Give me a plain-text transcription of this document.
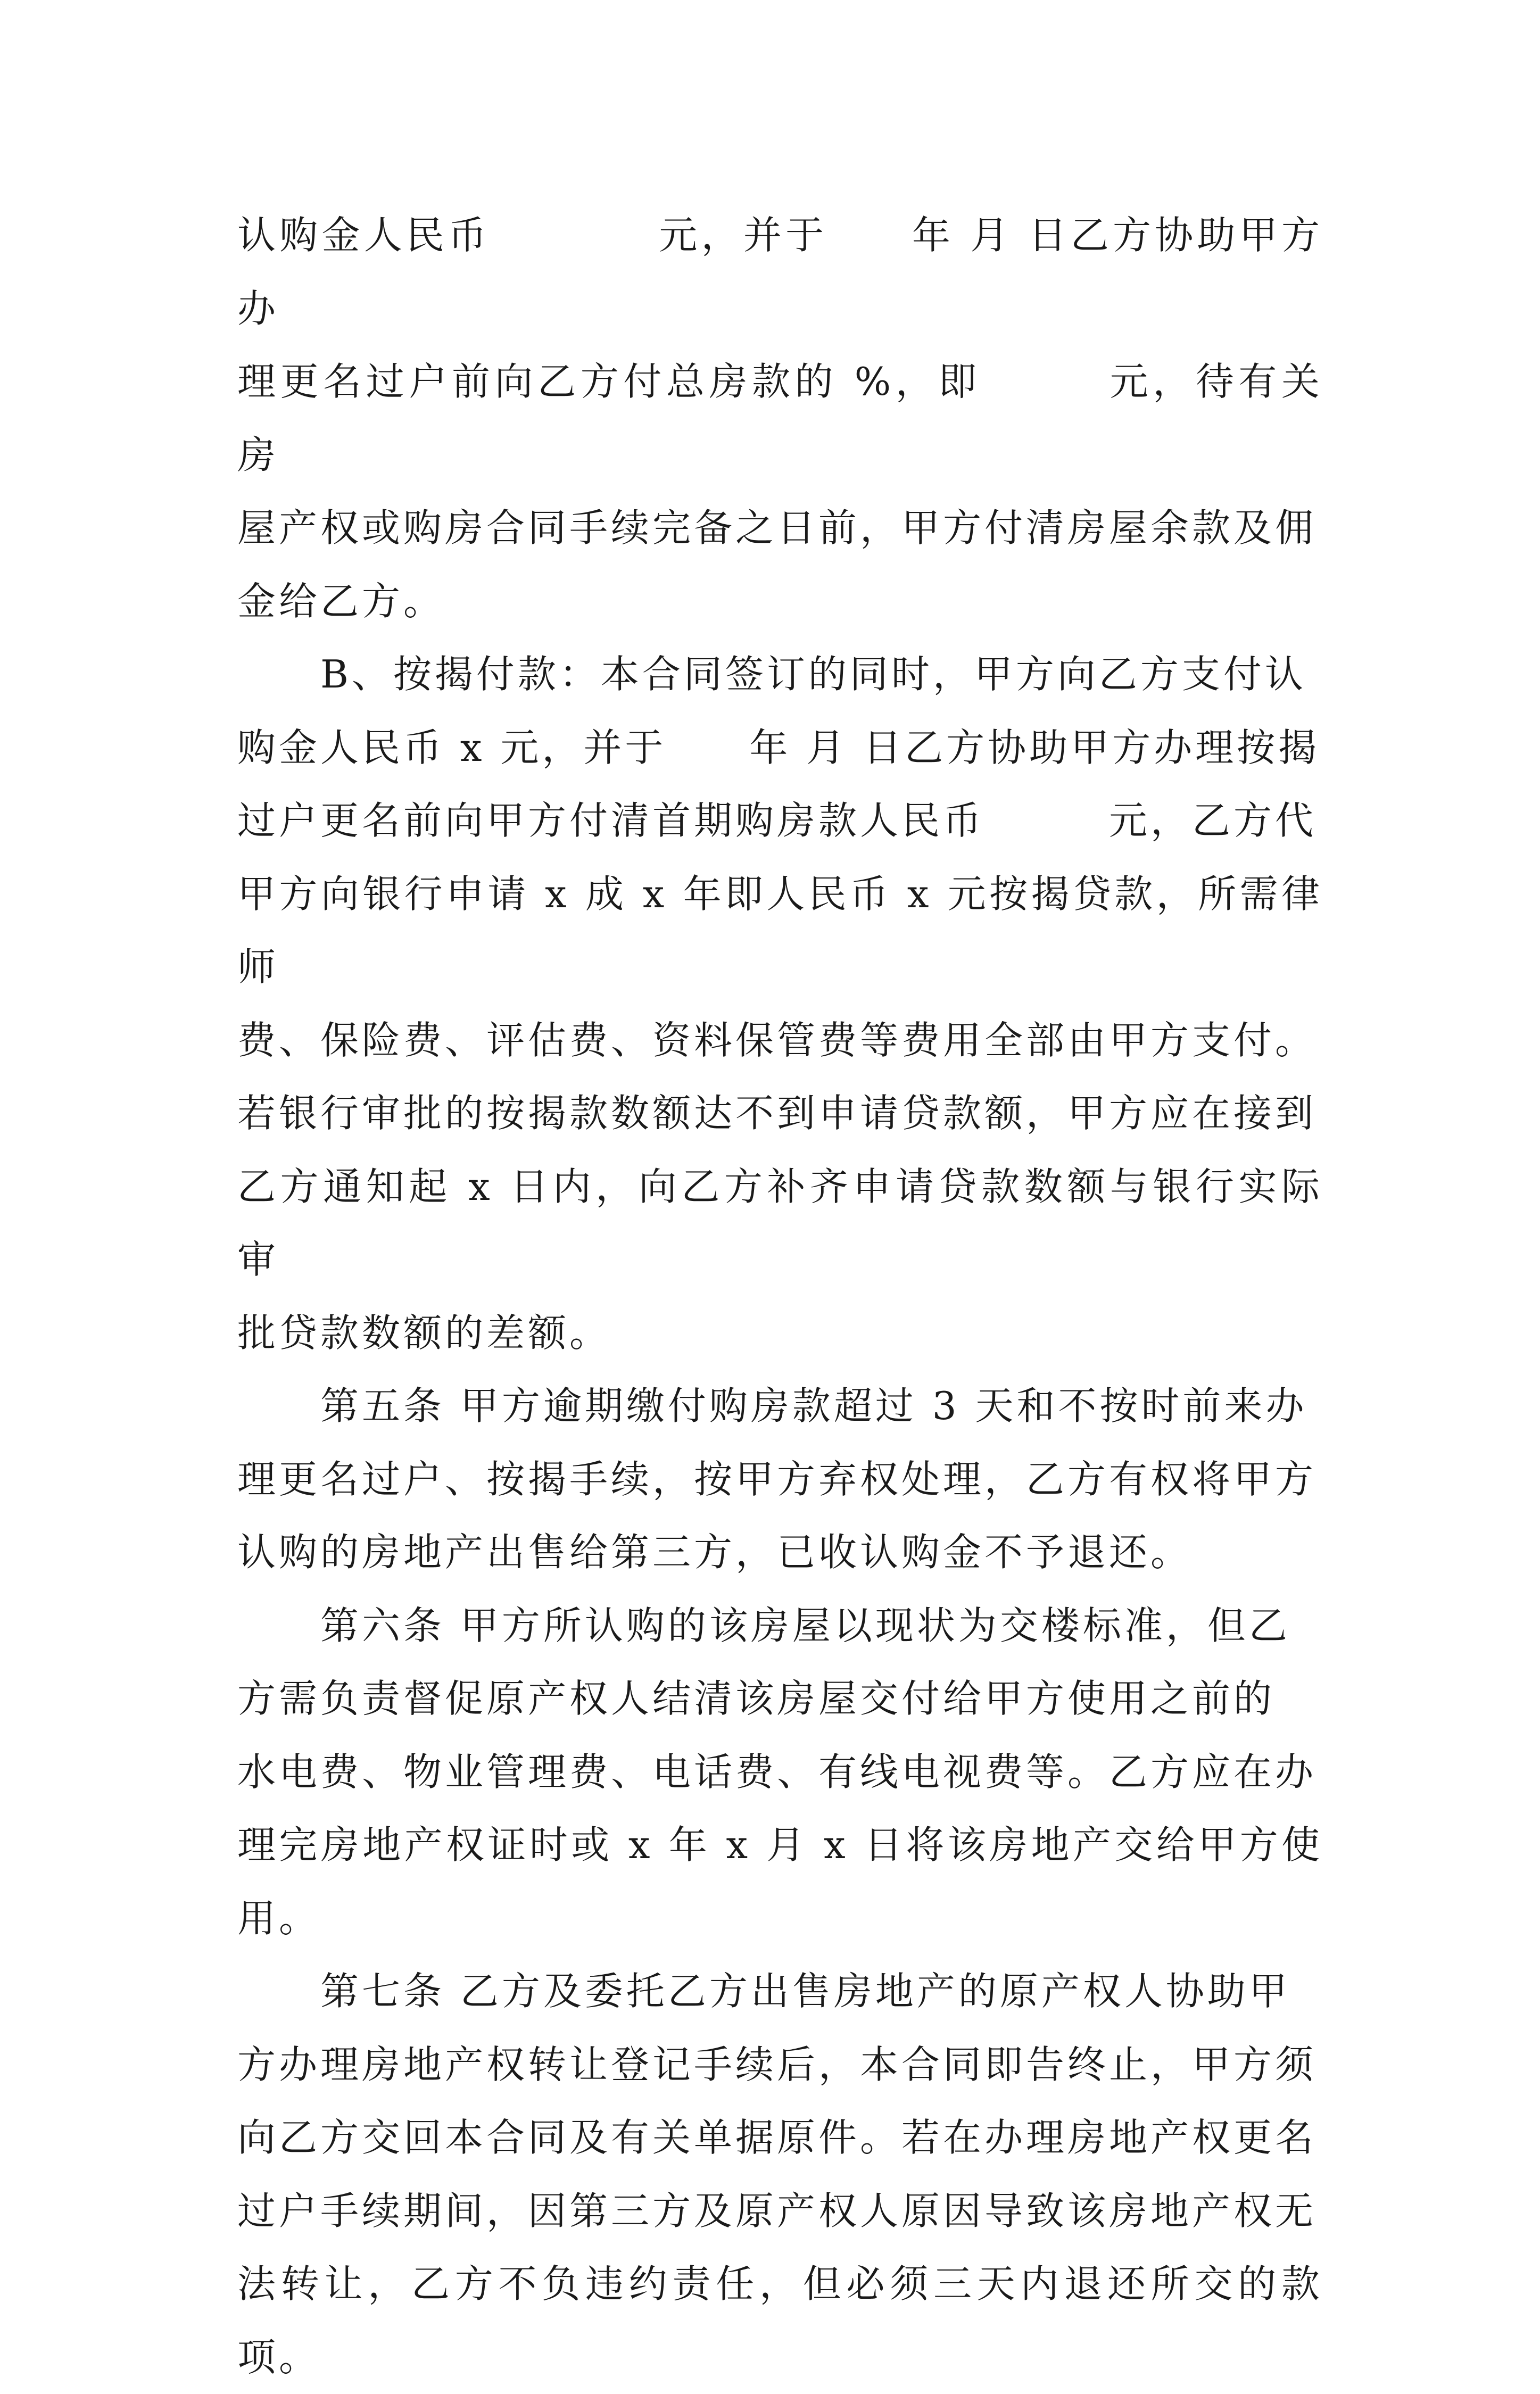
认购金人民币　　　　元，并于　　年 月 日乙方协助甲方办
理更名过户前向乙方付总房款的 %，即　　　元，待有关房
屋产权或购房合同手续完备之日前，甲方付清房屋余款及佣
金给乙方。

B、按揭付款：本合同签订的同时，甲方向乙方支付认
购金人民币 x 元，并于　　年 月 日乙方协助甲方办理按揭
过户更名前向甲方付清首期购房款人民币　　　元，乙方代
甲方向银行申请 x 成 x 年即人民币 x 元按揭贷款，所需律师
费、保险费、评估费、资料保管费等费用全部由甲方支付。
若银行审批的按揭款数额达不到申请贷款额，甲方应在接到
乙方通知起 x 日内，向乙方补齐申请贷款数额与银行实际审
批贷款数额的差额。

第五条 甲方逾期缴付购房款超过 3 天和不按时前来办
理更名过户、按揭手续，按甲方弃权处理，乙方有权将甲方
认购的房地产出售给第三方，已收认购金不予退还。

第六条 甲方所认购的该房屋以现状为交楼标准，但乙
方需负责督促原产权人结清该房屋交付给甲方使用之前的
水电费、物业管理费、电话费、有线电视费等。乙方应在办
理完房地产权证时或 x 年 x 月 x 日将该房地产交给甲方使用。

第七条 乙方及委托乙方出售房地产的原产权人协助甲
方办理房地产权转让登记手续后，本合同即告终止，甲方须
向乙方交回本合同及有关单据原件。若在办理房地产权更名
过户手续期间，因第三方及原产权人原因导致该房地产权无
法转让，乙方不负违约责任，但必须三天内退还所交的款项。
